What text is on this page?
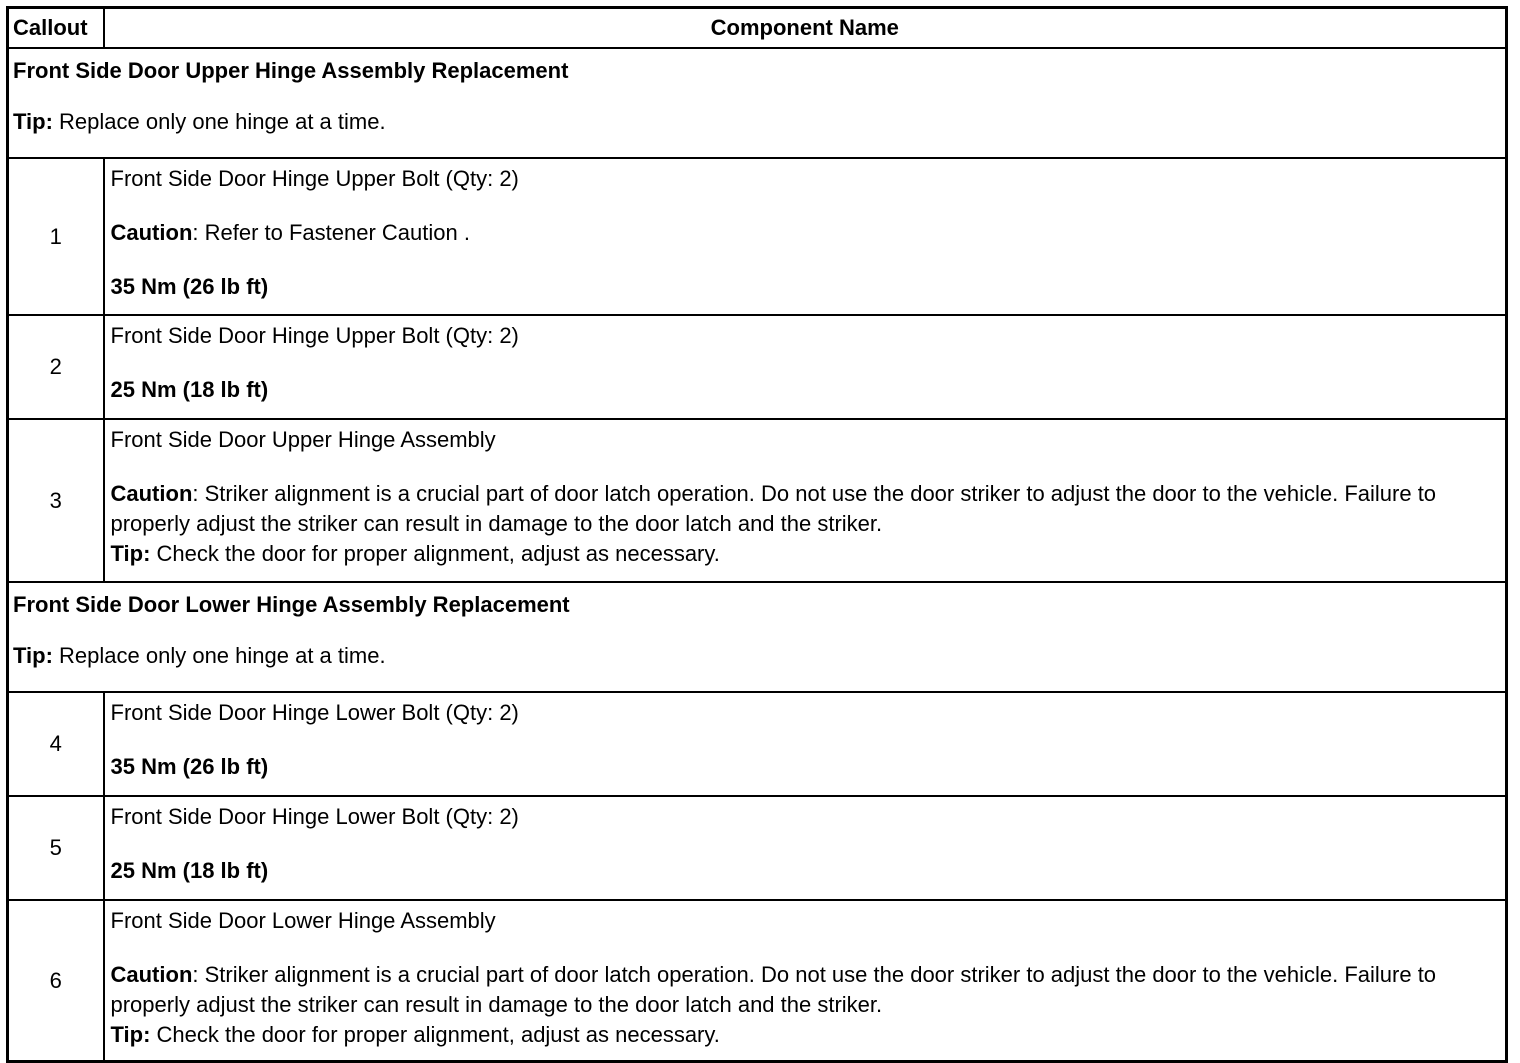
Callout	Component Name
Front Side Door Upper Hinge Assembly Replacement
Tip: Replace only one hinge at a time.	
1	Front Side Door Hinge Upper Bolt (Qty: 2)
Caution: Refer to Fastener Caution .
35 Nm (26 lb ft)

2	Front Side Door Hinge Upper Bolt (Qty: 2)
25 Nm (18 lb ft)

3	Front Side Door Upper Hinge Assembly
Caution: Striker alignment is a crucial part of door latch operation. Do not use the door striker to adjust the door to the vehicle. Failure to properly adjust the striker can result in damage to the door latch and the striker.
Tip: Check the door for proper alignment, adjust as necessary.

Front Side Door Lower Hinge Assembly Replacement
Tip: Replace only one hinge at a time.	
4	Front Side Door Hinge Lower Bolt (Qty: 2)
35 Nm (26 lb ft)

5	Front Side Door Hinge Lower Bolt (Qty: 2)
25 Nm (18 lb ft)

6	Front Side Door Lower Hinge Assembly
Caution: Striker alignment is a crucial part of door latch operation. Do not use the door striker to adjust the door to the vehicle. Failure to properly adjust the striker can result in damage to the door latch and the striker.
Tip: Check the door for proper alignment, adjust as necessary.
